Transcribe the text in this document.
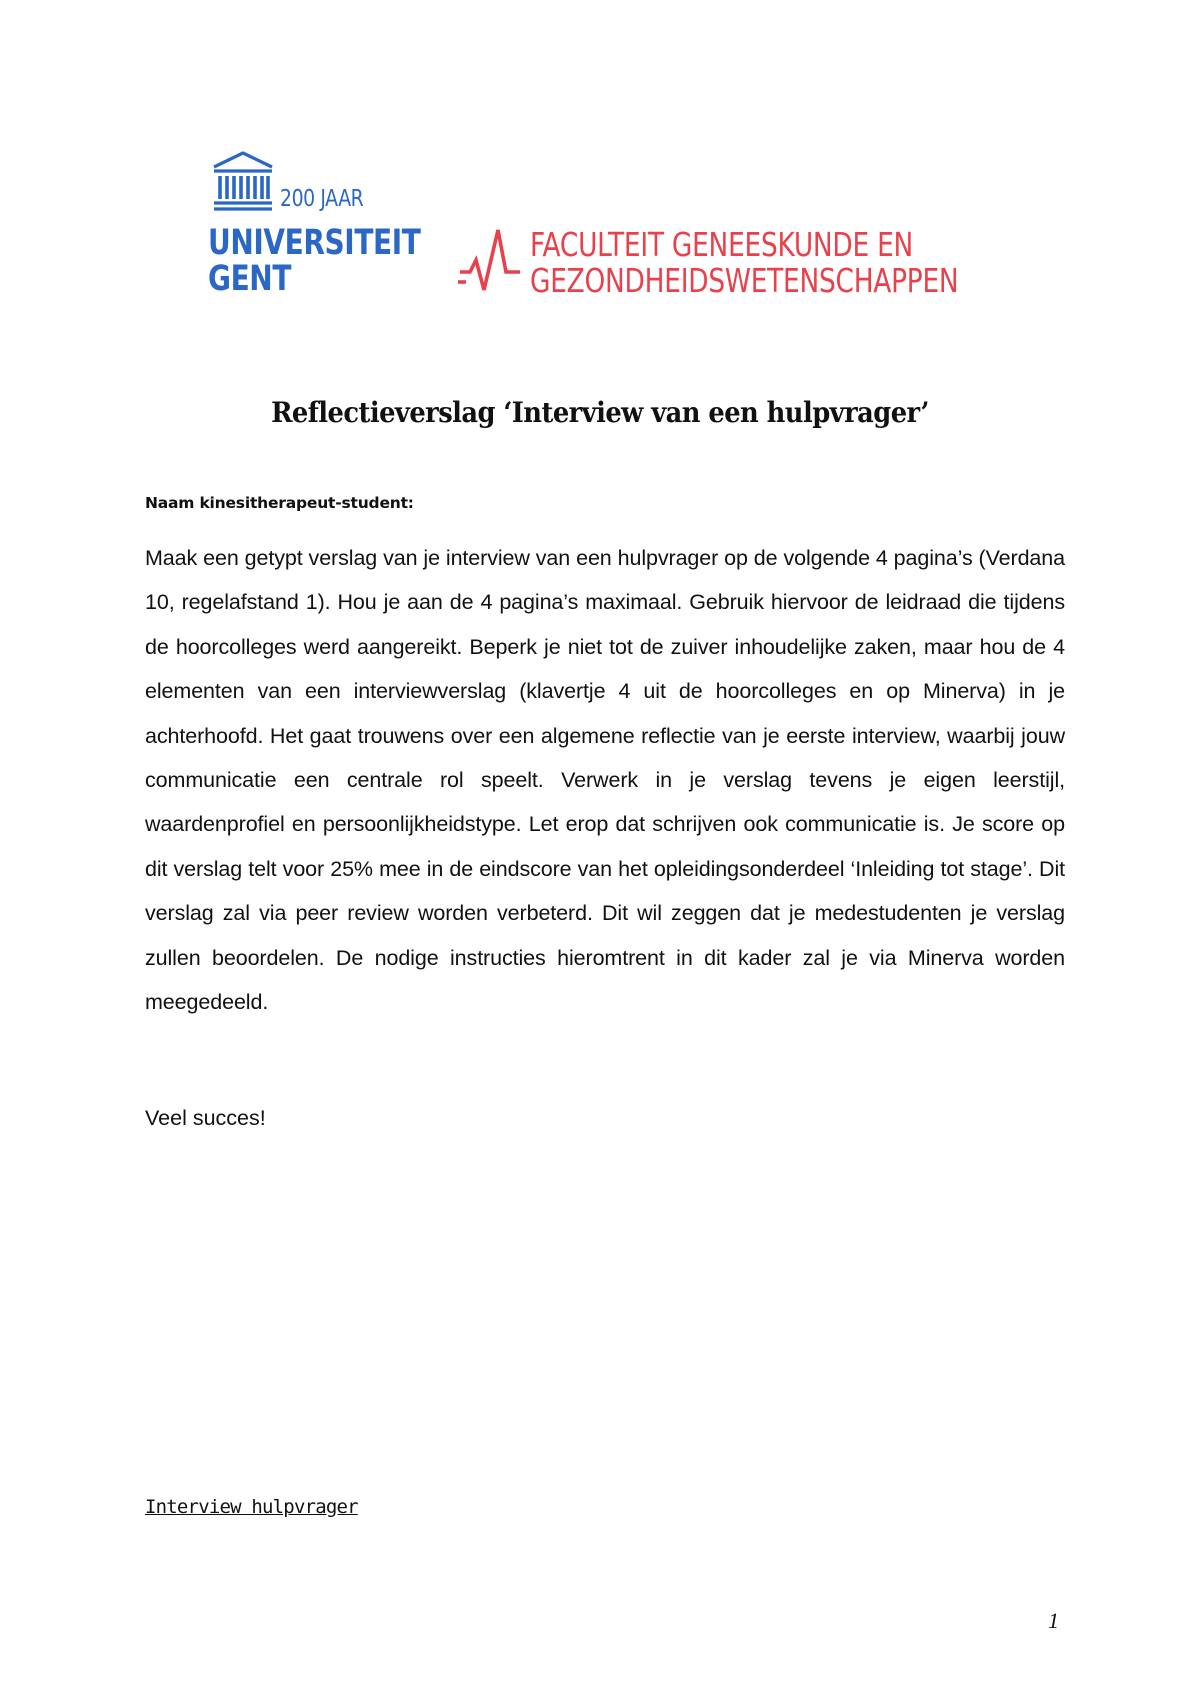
200 JAAR
UNIVERSITEIT
GENT
FACULTEIT GENEESKUNDE EN
GEZONDHEIDSWETENSCHAPPEN
Reflectieverslag ‘Interview van een hulpvrager’
Naam kinesitherapeut-student:

Maak een getypt verslag van je interview van een hulpvrager op de volgende 4 pagina’s (Verdana 10, regelafstand 1). Hou je aan de 4 pagina’s maximaal. Gebruik hiervoor de leidraad die tijdens de hoorcolleges werd aangereikt. Beperk je niet tot de zuiver inhoudelijke zaken, maar hou de 4 elementen van een interviewverslag (klavertje 4 uit de hoorcolleges en op Minerva) in je achterhoofd. Het gaat trouwens over een algemene reflectie van je eerste interview, waarbij jouw communicatie een centrale rol speelt. Verwerk in je verslag tevens je eigen leerstijl, waardenprofiel en persoonlijkheidstype. Let erop dat schrijven ook communicatie is. Je score op dit verslag telt voor 25% mee in de eindscore van het opleidingsonderdeel ‘Inleiding tot stage’. Dit verslag zal via peer review worden verbeterd. Dit wil zeggen dat je medestudenten je verslag zullen beoordelen. De nodige instructies hieromtrent in dit kader zal je via Minerva worden meegedeeld.

Veel succes!
Interview hulpvrager
1
